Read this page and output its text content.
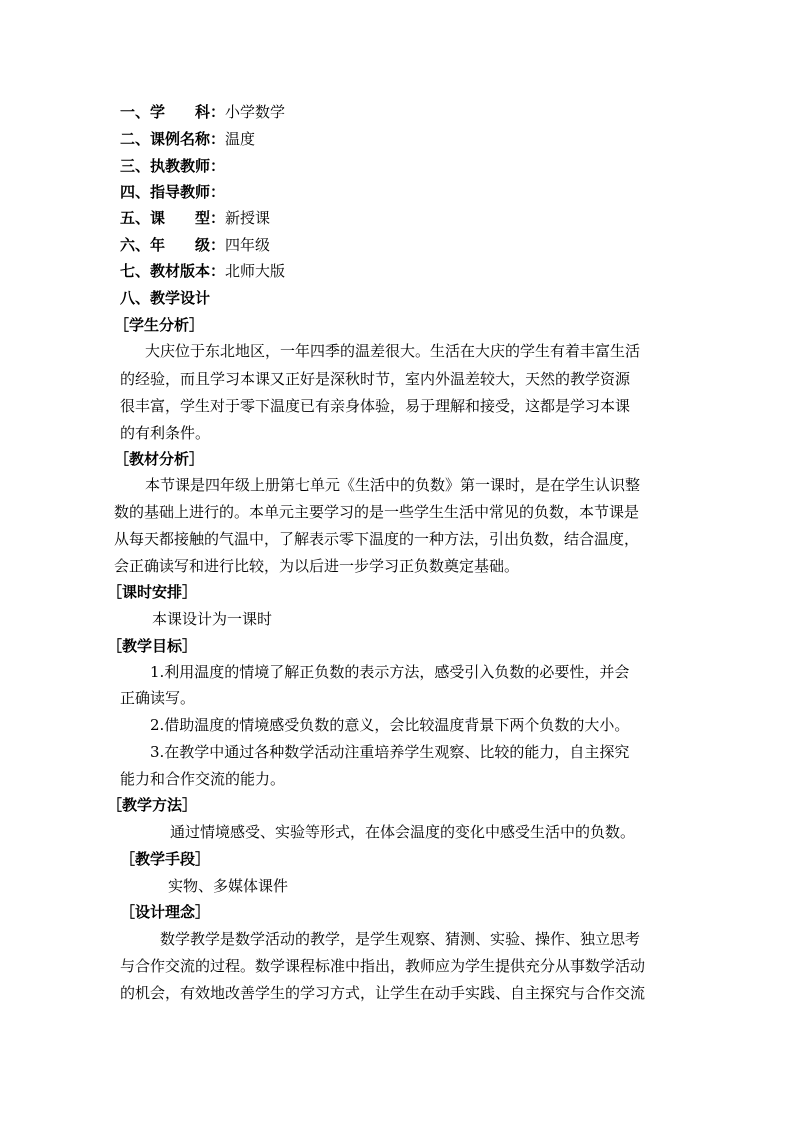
一、学　　科：小学数学
二、课例名称：温度
三、执教教师：
四、指导教师：
五、课　　型：新授课
六、年　　级：四年级
七、教材版本：北师大版
八、教学设计
［学生分析］
大庆位于东北地区，一年四季的温差很大。生活在大庆的学生有着丰富生活
的经验，而且学习本课又正好是深秋时节，室内外温差较大，天然的教学资源
很丰富，学生对于零下温度已有亲身体验，易于理解和接受，这都是学习本课
的有利条件。
［教材分析］
本节课是四年级上册第七单元《生活中的负数》第一课时，是在学生认识整
数的基础上进行的。本单元主要学习的是一些学生生活中常见的负数，本节课是
从每天都接触的气温中，了解表示零下温度的一种方法，引出负数，结合温度，
会正确读写和进行比较，为以后进一步学习正负数奠定基础。
［课时安排］
本课设计为一课时
［教学目标］
1.利用温度的情境了解正负数的表示方法，感受引入负数的必要性，并会
正确读写。
2.借助温度的情境感受负数的意义，会比较温度背景下两个负数的大小。
3.在教学中通过各种数学活动注重培养学生观察、比较的能力，自主探究
能力和合作交流的能力。
［教学方法］
通过情境感受、实验等形式，在体会温度的变化中感受生活中的负数。
［教学手段］
实物、多媒体课件
［设计理念］
数学教学是数学活动的教学，是学生观察、猜测、实验、操作、独立思考
与合作交流的过程。数学课程标准中指出，教师应为学生提供充分从事数学活动
的机会，有效地改善学生的学习方式，让学生在动手实践、自主探究与合作交流
